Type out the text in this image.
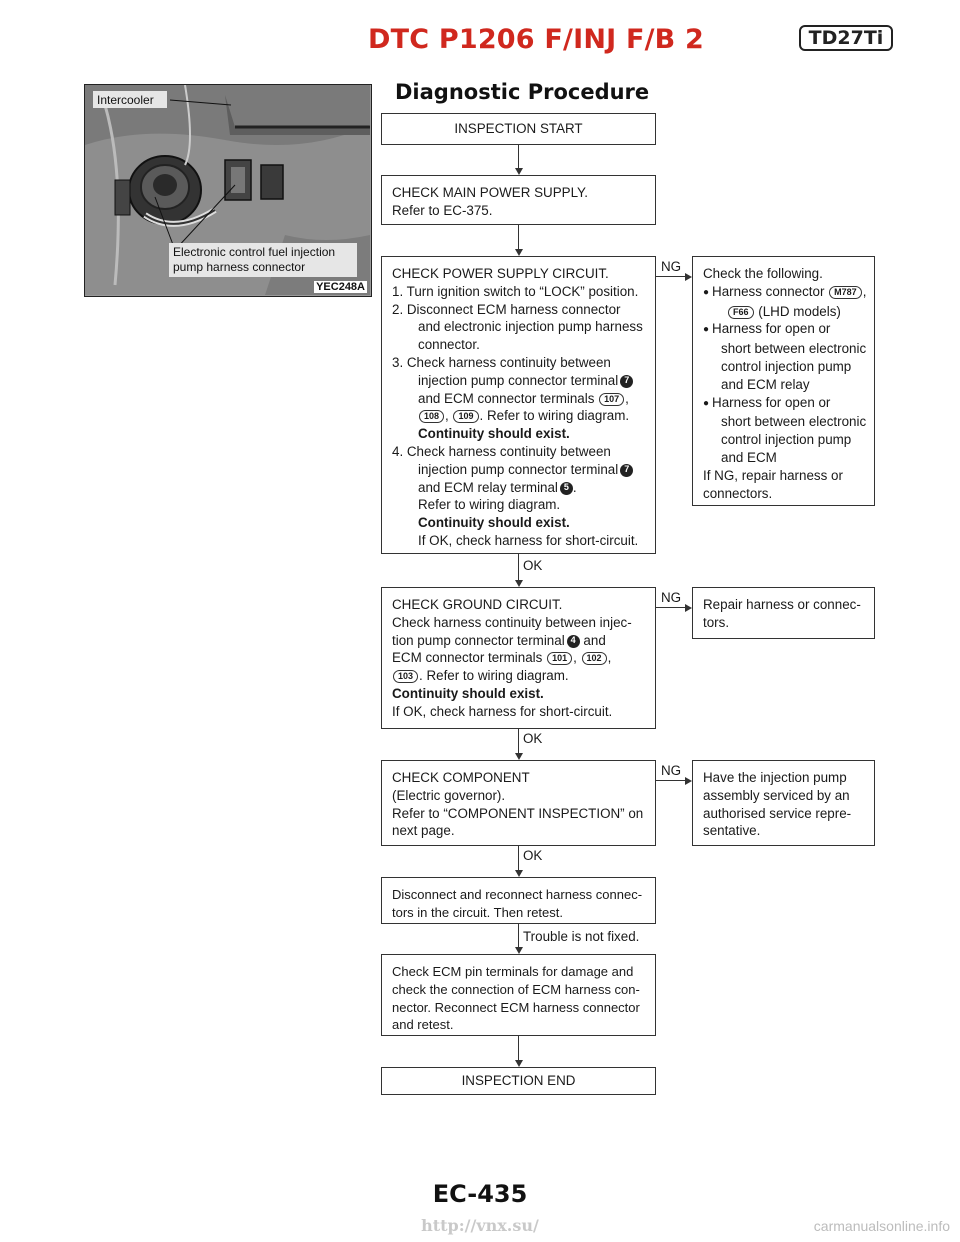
DTC P1206 F/INJ F/B 2	TD27Ti
Intercooler
Electronic control fuel injection
pump harness connector
YEC248A
Diagnostic Procedure
INSPECTION START
CHECK MAIN POWER SUPPLY.
Refer to EC-375.
CHECK POWER SUPPLY CIRCUIT.
1. Turn ignition switch to “LOCK” position.
2. Disconnect ECM harness connector
and electronic injection pump harness
connector.
3. Check harness continuity between
injection pump connector terminal 7
and ECM connector terminals 107 ,
108 , 109 . Refer to wiring diagram.
Continuity should exist.
4. Check harness continuity between
injection pump connector terminal 7
and ECM relay terminal 5 .
Refer to wiring diagram.
Continuity should exist.
If OK, check harness for short-circuit.
NG Check the following.
● Harness connector M787 ,
F66 (LHD models)
● Harness for open or
short between electronic
control injection pump
and ECM relay
● Harness for open or
short between electronic
control injection pump
and ECM
If NG, repair harness or
connectors.
OK
CHECK GROUND CIRCUIT.
Check harness continuity between injec-
tion pump connector terminal 4 and
ECM connector terminals 101 , 102 ,
103 . Refer to wiring diagram.
Continuity should exist.
If OK, check harness for short-circuit.
NG Repair harness or connec-
tors.
OK
CHECK COMPONENT
(Electric governor).
Refer to “COMPONENT INSPECTION” on
next page.
NG Have the injection pump
assembly serviced by an
authorised service repre-
sentative.
OK
Disconnect and reconnect harness connec-
tors in the circuit. Then retest.
Trouble is not fixed.
Check ECM pin terminals for damage and
check the connection of ECM harness con-
nector. Reconnect ECM harness connector
and retest.
INSPECTION END
EC-435
http://vnx.su/	carmanualsonline.info
